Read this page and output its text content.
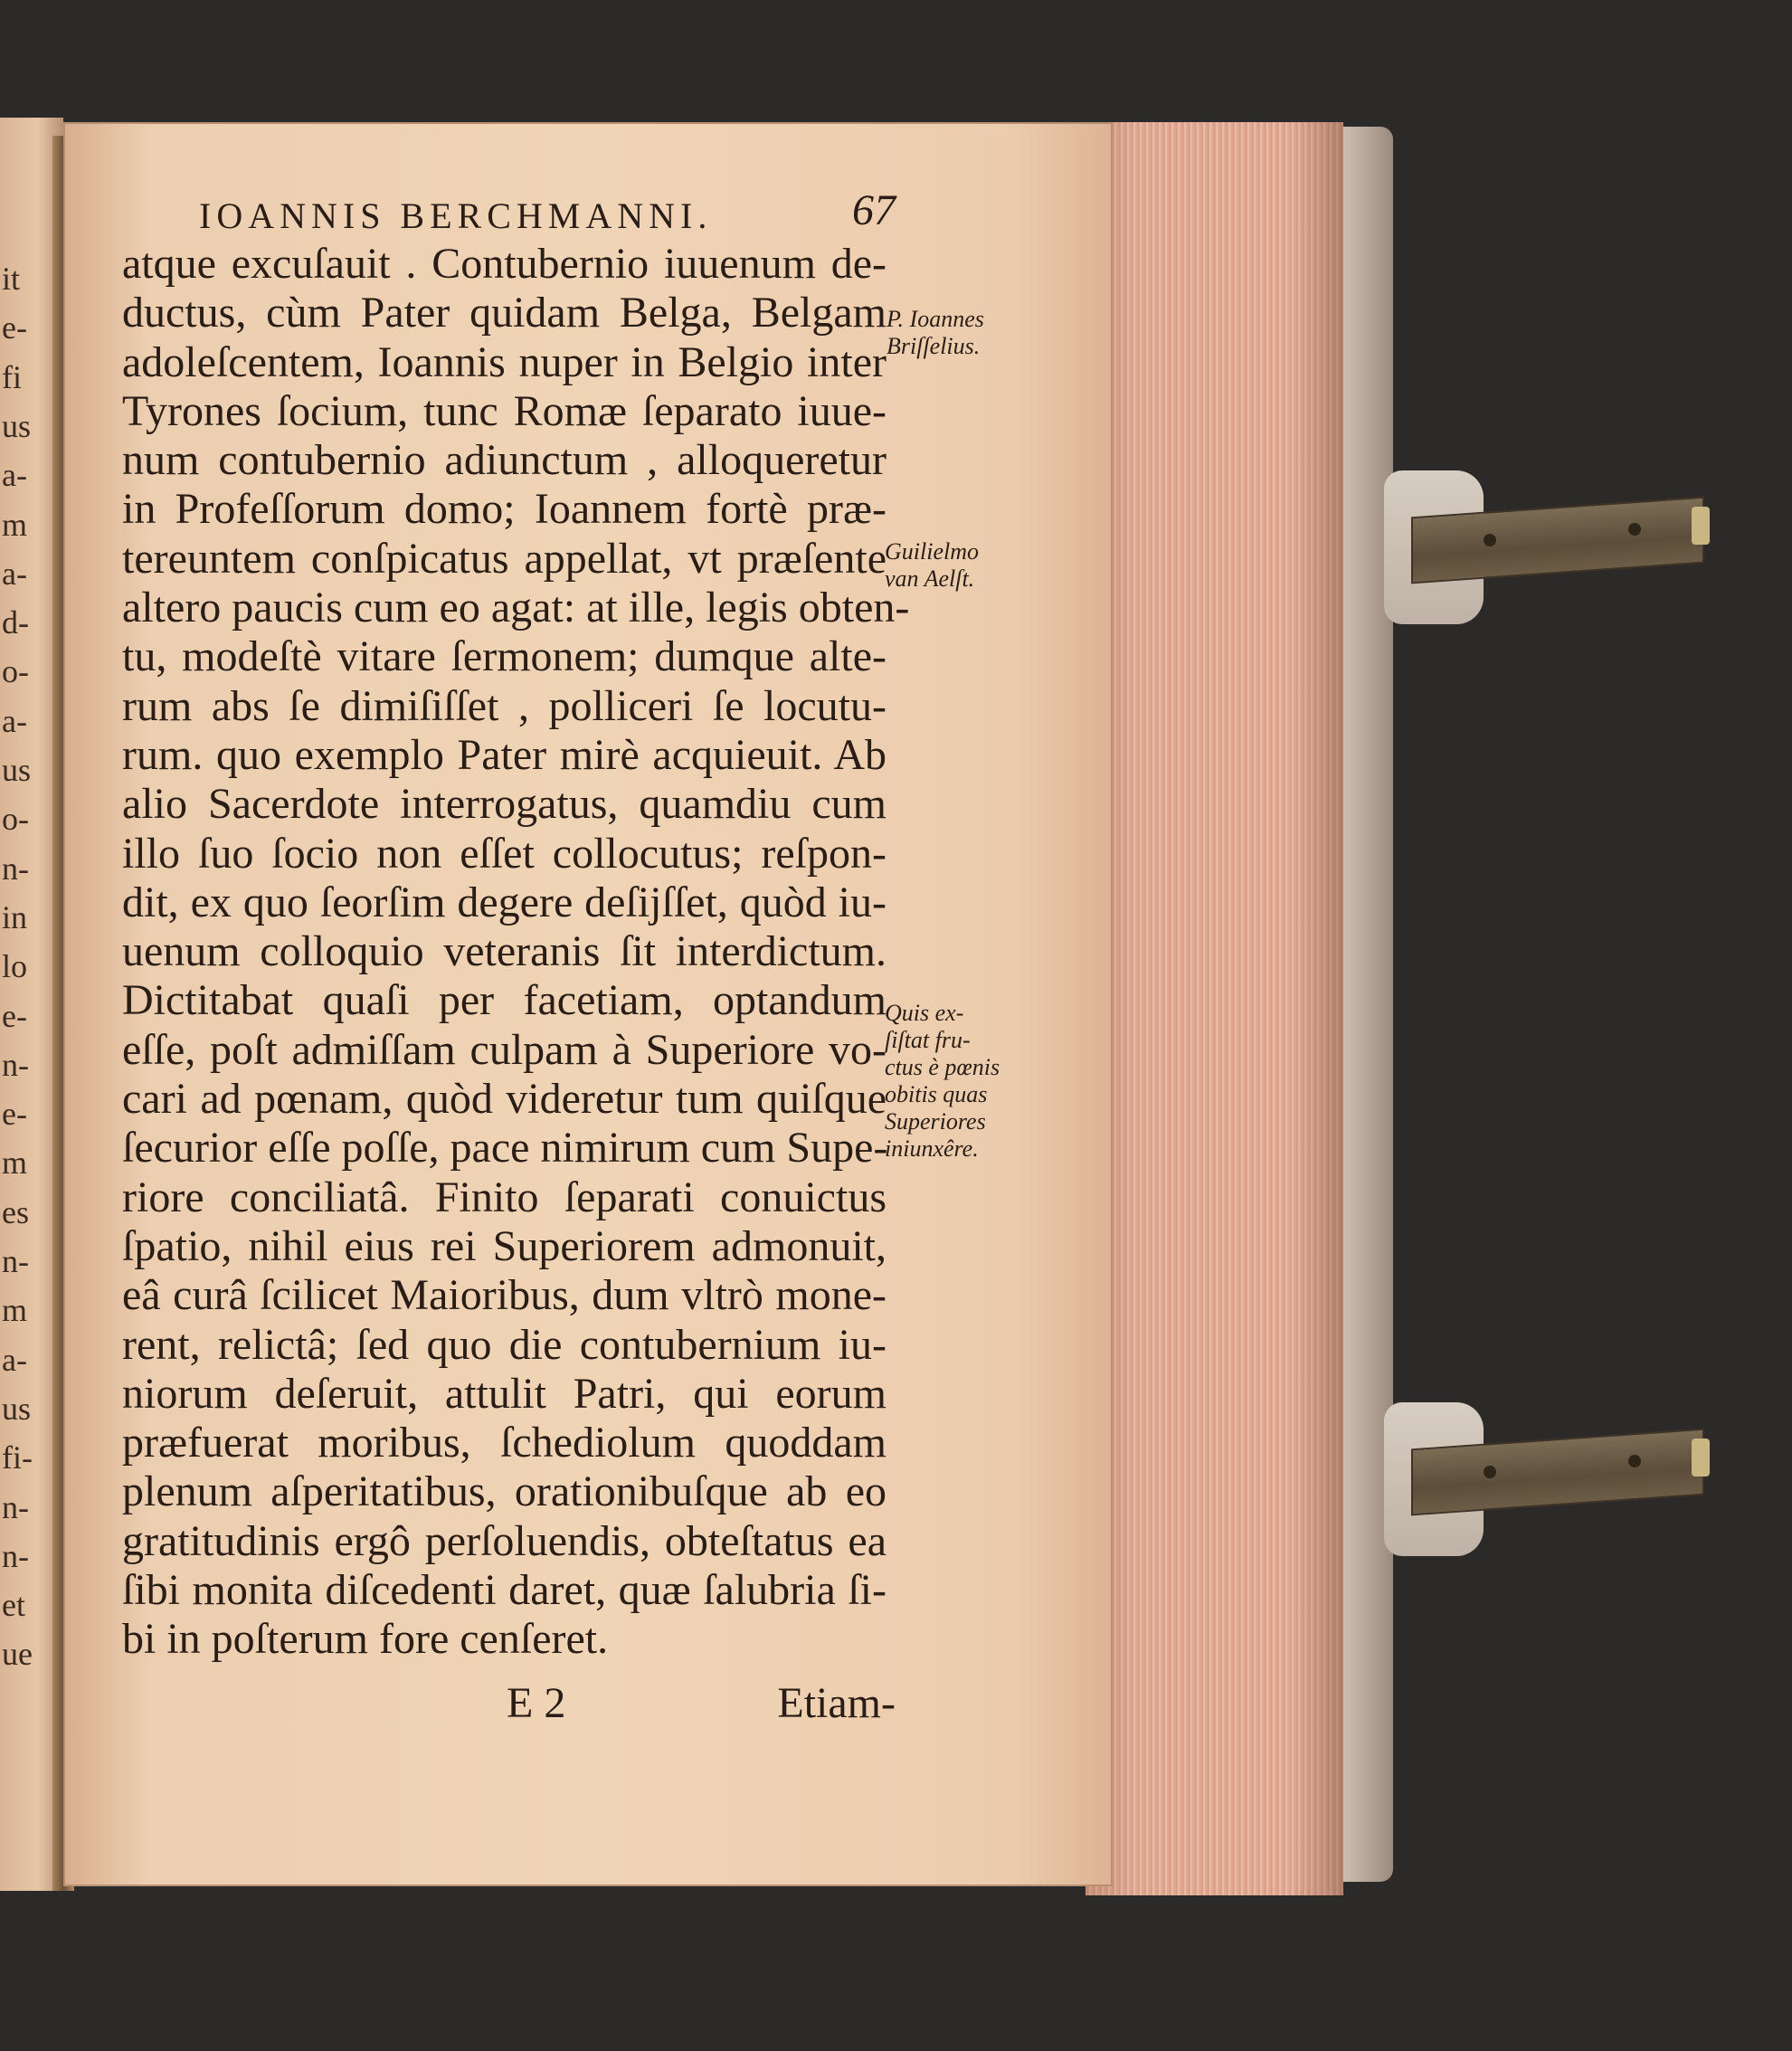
it
e-
fi
us
a-
m
a-
d-
o-
a-
us
o-
n-
in
lo
e-
n-
e-
m
es
n-
m
a-
us
fi-
n-
n-
et
ue
IOANNIS BERCHMANNI.	67
atque excuſauit . Contubernio iuuenum de-
ductus, cùm Pater quidam Belga, Belgam
adoleſcentem, Ioannis nuper in Belgio inter
Tyrones ſocium, tunc Romæ ſeparato iuue-
num contubernio adiunctum , alloqueretur
in Profeſſorum domo; Ioannem fortè præ-
tereuntem conſpicatus appellat, vt præſente
altero paucis cum eo agat: at ille, legis obten-
tu, modeſtè vitare ſermonem; dumque alte-
rum abs ſe dimiſiſſet , polliceri ſe locutu-
rum. quo exemplo Pater mirè acquieuit. Ab
alio Sacerdote interrogatus, quamdiu cum
illo ſuo ſocio non eſſet collocutus; reſpon-
dit, ex quo ſeorſim degere deſijſſet, quòd iu-
uenum colloquio veteranis ſit interdictum.
Dictitabat quaſi per facetiam, optandum
eſſe, poſt admiſſam culpam à Superiore vo-
cari ad pœnam, quòd videretur tum quiſque
ſecurior eſſe poſſe, pace nimirum cum Supe-
riore conciliatâ. Finito ſeparati conuictus
ſpatio, nihil eius rei Superiorem admonuit,
eâ curâ ſcilicet Maioribus, dum vltrò mone-
rent, relictâ; ſed quo die contubernium iu-
niorum deſeruit, attulit Patri, qui eorum
præfuerat moribus, ſchediolum quoddam
plenum aſperitatibus, orationibuſque ab eo
gratitudinis ergô perſoluendis, obteſtatus ea
ſibi monita diſcedenti daret, quæ ſalubria ſi-
bi in poſterum fore cenſeret.
E 2	Etiam-
P. Ioannes
Briſſelius.
Guilielmo
van Aelſt.
Quis ex-
ſiſtat fru-
ctus è pœnis
obitis quas
Superiores
iniunxêre.
